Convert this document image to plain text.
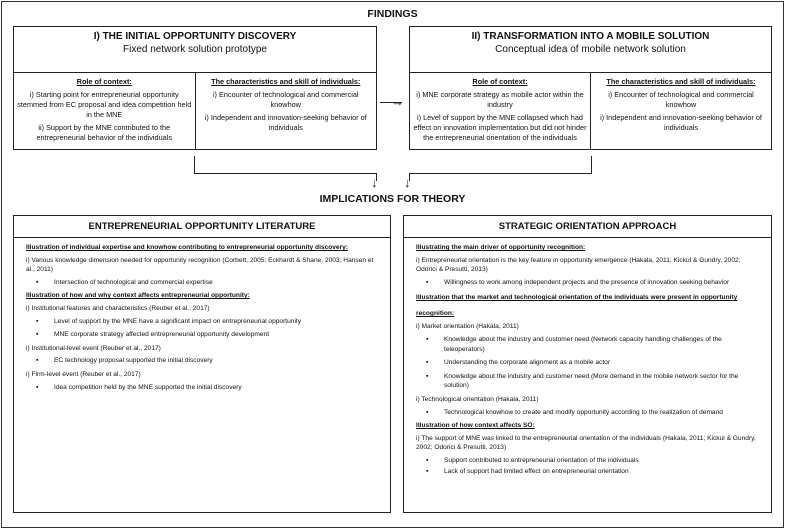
FINDINGS
I) THE INITIAL OPPORTUNITY DISCOVERY
Fixed network solution prototype
Role of context:

i) Starting point for entrepreneurial opportunity stemmed from EC proposal and idea competition held in the MNE

ii) Support by the MNE contributed to the entrepreneurial behavior of the individuals

The characteristics and skill of individuals:

i) Encounter of technological and commercial knowhow

i) Independent and innovation-seeking behavior of individuals

→
II) TRANSFORMATION INTO A MOBILE SOLUTION
Conceptual idea of mobile network solution
Role of context:

i) MNE corporate strategy as mobile actor within the industry

i) Level of support by the MNE collapsed which had effect on innovation implementation but did not hinder the entrepreneurial orientation of the individuals

The characteristics and skill of individuals:

i) Encounter of technological and commercial knowhow

i) Independent and innovation-seeking behavior of individuals

↓ ↓
IMPLICATIONS FOR THEORY
ENTREPRENEURIAL OPPORTUNITY LITERATURE
Illustration of individual expertise and knowhow contributing to entrepreneurial opportunity discovery:

i) Various knowledge dimension needed for opportunity recognition (Corbett, 2005; Eckhardt & Shane, 2003; Hansen et al., 2011)

▪ Intersection of technological and commercial expertise
Illustration of how and why context affects entrepreneurial opportunity:

i) Institutional features and characteristics (Reuber et al., 2017)

▪ Level of support by the MNE have a significant impact on entrepreneurial opportunity
▪ MNE corporate strategy affected entrepreneurial opportunity development

i) Institutional-level event (Reuber et al., 2017)

▪ EC technology proposal supported the initial discovery

i) Firm-level event (Reuber et al., 2017)

▪ Idea competition held by the MNE supported the initial discovery
STRATEGIC ORIENTATION APPROACH
Illustrating the main driver of opportunity recognition:

i) Entrepreneurial orientation is the key feature in opportunity emergence (Hakala, 2011; Kickul & Gundry, 2002; Odorici & Presutti, 2013)

▪ Willingness to work among independent projects and the presence of innovation seeking behavior
Illustration that the market and technological orientation of the individuals were present in opportunity recognition:

i) Market orientation (Hakala, 2011)

▪ Knowledge about the industry and customer need (Network capacity handling challenges of the teleoperators)
▪ Understanding the corporate alignment as a mobile actor
▪ Knowledge about the industry and customer need (More demand in the mobile network sector for the solution)

i) Technological orientation (Hakala, 2011)

▪ Technological knowhow to create and modify opportunity according to the realization of demand
Illustration of how context affects SO:

i) The support of MNE was linked to the entrepreneurial orientation of the individuals (Hakala, 2011; Kickul & Gundry, 2002; Odorici & Presutti, 2013)

▪ Support contributed to entrepreneurial orientation of the individuals
▪ Lack of support had limited effect on entrepreneurial orientation
